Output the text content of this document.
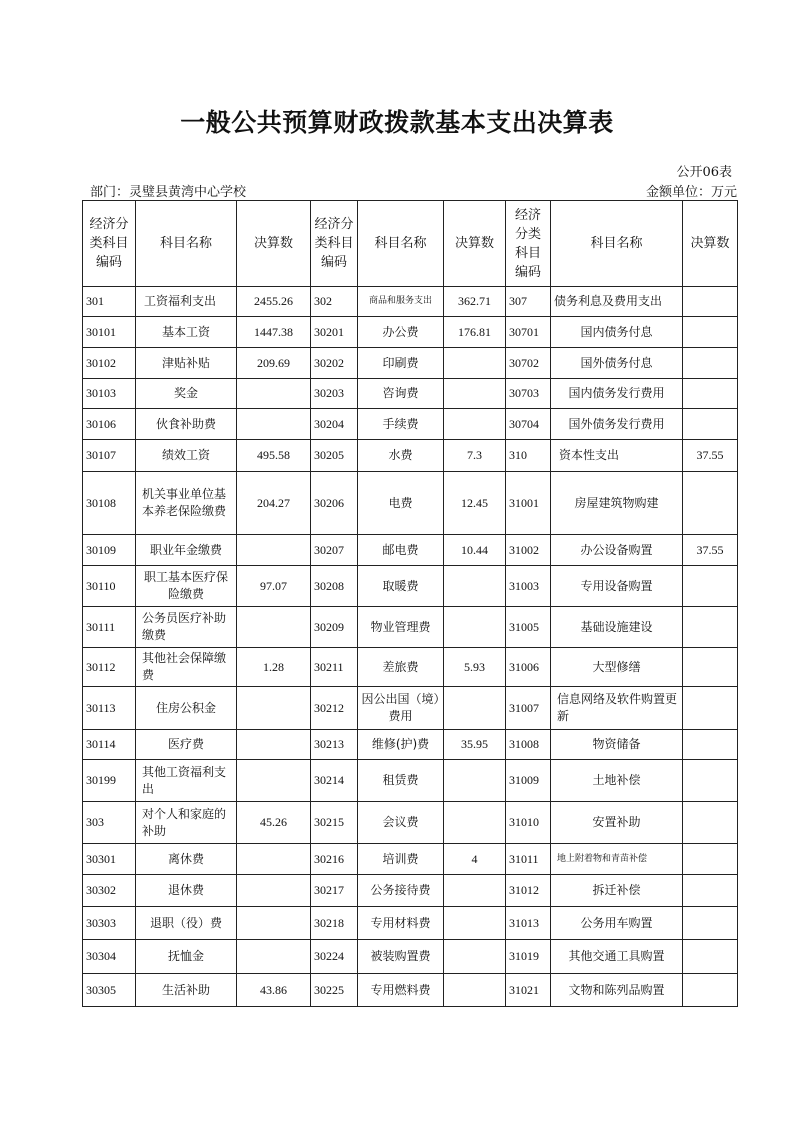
一般公共预算财政拨款基本支出决算表
公开06表
部门：灵璧县黄湾中心学校	金额单位：万元
经济分类科目编码	科目名称	决算数	经济分类科目编码	科目名称	决算数	经济分类科目编码	科目名称	决算数
301	工资福利支出	2455.26	302	商品和服务支出	362.71	307	债务利息及费用支出	
30101	基本工资	1447.38	30201	办公费	176.81	30701	国内债务付息	
30102	津贴补贴	209.69	30202	印刷费		30702	国外债务付息	
30103	奖金		30203	咨询费		30703	国内债务发行费用	
30106	伙食补助费		30204	手续费		30704	国外债务发行费用	
30107	绩效工资	495.58	30205	水费	7.3	310	资本性支出	37.55
30108	机关事业单位基本养老保险缴费	204.27	30206	电费	12.45	31001	房屋建筑物购建	
30109	职业年金缴费		30207	邮电费	10.44	31002	办公设备购置	37.55
30110	职工基本医疗保险缴费	97.07	30208	取暖费		31003	专用设备购置	
30111	公务员医疗补助缴费		30209	物业管理费		31005	基础设施建设	
30112	其他社会保障缴费	1.28	30211	差旅费	5.93	31006	大型修缮	
30113	住房公积金		30212	因公出国（境）费用		31007	信息网络及软件购置更新	
30114	医疗费		30213	维修(护)费	35.95	31008	物资储备	
30199	其他工资福利支出		30214	租赁费		31009	土地补偿	
303	对个人和家庭的补助	45.26	30215	会议费		31010	安置补助	
30301	离休费		30216	培训费	4	31011	地上附着物和青苗补偿	
30302	退休费		30217	公务接待费		31012	拆迁补偿	
30303	退职（役）费		30218	专用材料费		31013	公务用车购置	
30304	抚恤金		30224	被装购置费		31019	其他交通工具购置	
30305	生活补助	43.86	30225	专用燃料费		31021	文物和陈列品购置	
